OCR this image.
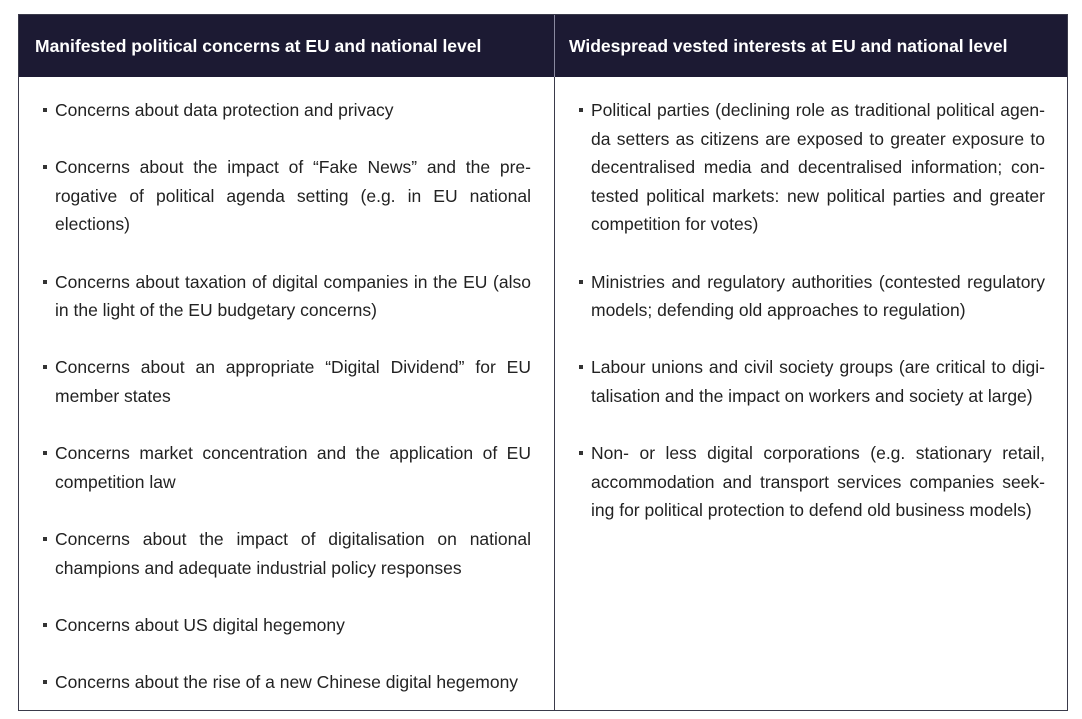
Manifested political concerns at EU and national level	Widespread vested interests at EU and national level
Concerns about data protection and privacy
Concerns about the impact of “Fake News” and the pre-rogative of political agenda setting (e.g. in EU national elections)
Concerns about taxation of digital companies in the EU (also in the light of the EU budgetary concerns)
Concerns about an appropriate “Digital Dividend” for EU member states
Concerns market concentration and the application of EU competition law
Concerns about the impact of digitalisation on national champions and adequate industrial policy responses
Concerns about US digital hegemony
Concerns about the rise of a new Chinese digital hegemony
Political parties (declining role as traditional political agen-da setters as citizens are exposed to greater exposure to decentralised media and decentralised information; con-tested political markets: new political parties and greater competition for votes)
Ministries and regulatory authorities (contested regulatory models; defending old approaches to regulation)
Labour unions and civil society groups (are critical to digi-talisation and the impact on workers and society at large)
Non- or less digital corporations (e.g. stationary retail, accommodation and transport services companies seek-ing for political protection to defend old business models)
